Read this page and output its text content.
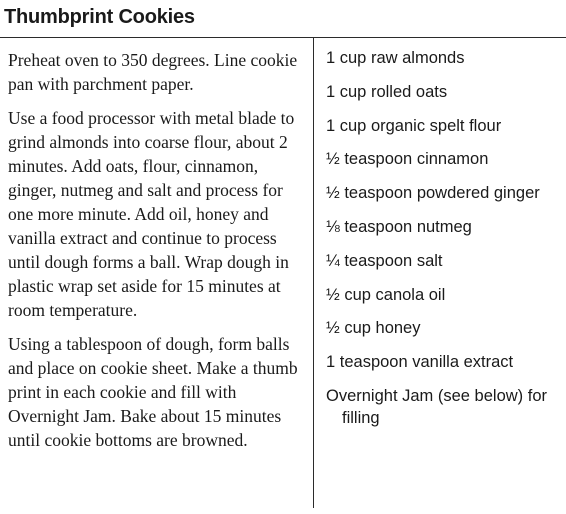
Thumbprint Cookies

Preheat oven to 350 degrees. Line cookie pan with parchment paper.

Use a food processor with metal blade to grind almonds into coarse flour, about 2 minutes. Add oats, flour, cinnamon, ginger, nutmeg and salt and process for one more minute. Add oil, honey and vanilla extract and continue to process until dough forms a ball. Wrap dough in plastic wrap set aside for 15 minutes at room temperature.

Using a tablespoon of dough, form balls and place on cookie sheet. Make a thumb print in each cookie and fill with Overnight Jam. Bake about 15 minutes until cookie bottoms are browned.

1 cup raw almonds
1 cup rolled oats
1 cup organic spelt flour
½ teaspoon cinnamon
½ teaspoon powdered ginger
⅛ teaspoon nutmeg
¼ teaspoon salt
½ cup canola oil
½ cup honey
1 teaspoon vanilla extract
Overnight Jam (see below) for filling
